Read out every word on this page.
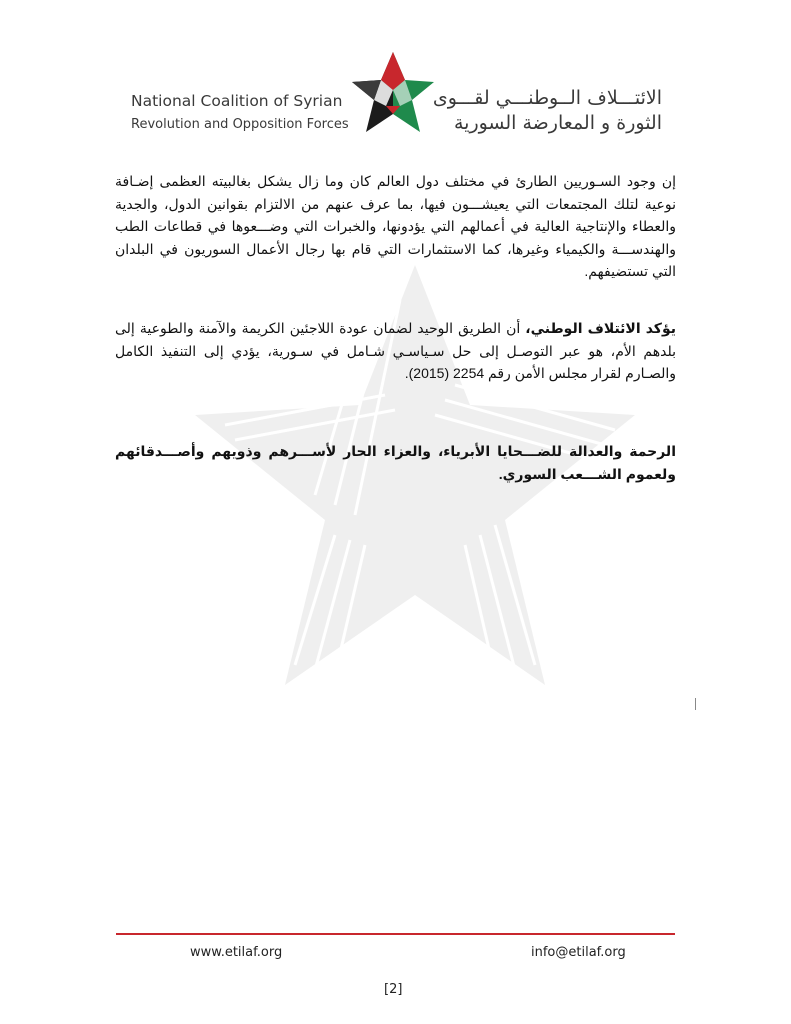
National Coalition of Syrian
Revolution and Opposition Forces
الائتـــلاف الــوطنـــي لقـــوى
الثورة و المعارضة السورية
إن وجود السـوريين الطارئ في مختلف دول العالم كان وما زال يشكل بغالبيته العظمى إضـافة نوعية لتلك المجتمعات التي يعيشـــون فيها، بما عرف عنهم من الالتزام بقوانين الدول، والجدية والعطاء والإنتاجية العالية في أعمالهم التي يؤدونها، والخبرات التي وضـــعوها في قطاعات الطب والهندســـة والكيمياء وغيرها، كما الاستثمارات التي قام بها رجال الأعمال السوريون في البلدان التي تستضيفهم.
يؤكد الائتلاف الوطني، أن الطريق الوحيد لضمان عودة اللاجئين الكريمة والآمنة والطوعية إلى بلدهم الأم، هو عبر التوصـل إلى حل سـياسـي شـامل في سـورية، يؤدي إلى التنفيذ الكامل والصـارم لقرار مجلس الأمن رقم 2254 (2015).
الرحمة والعدالة للضـــحايا الأبرياء، والعزاء الحار لأســـرهم وذويهم وأصـــدقائهم ولعموم الشـــعب السوري.
www.etilaf.org	info@etilaf.org
[2]
